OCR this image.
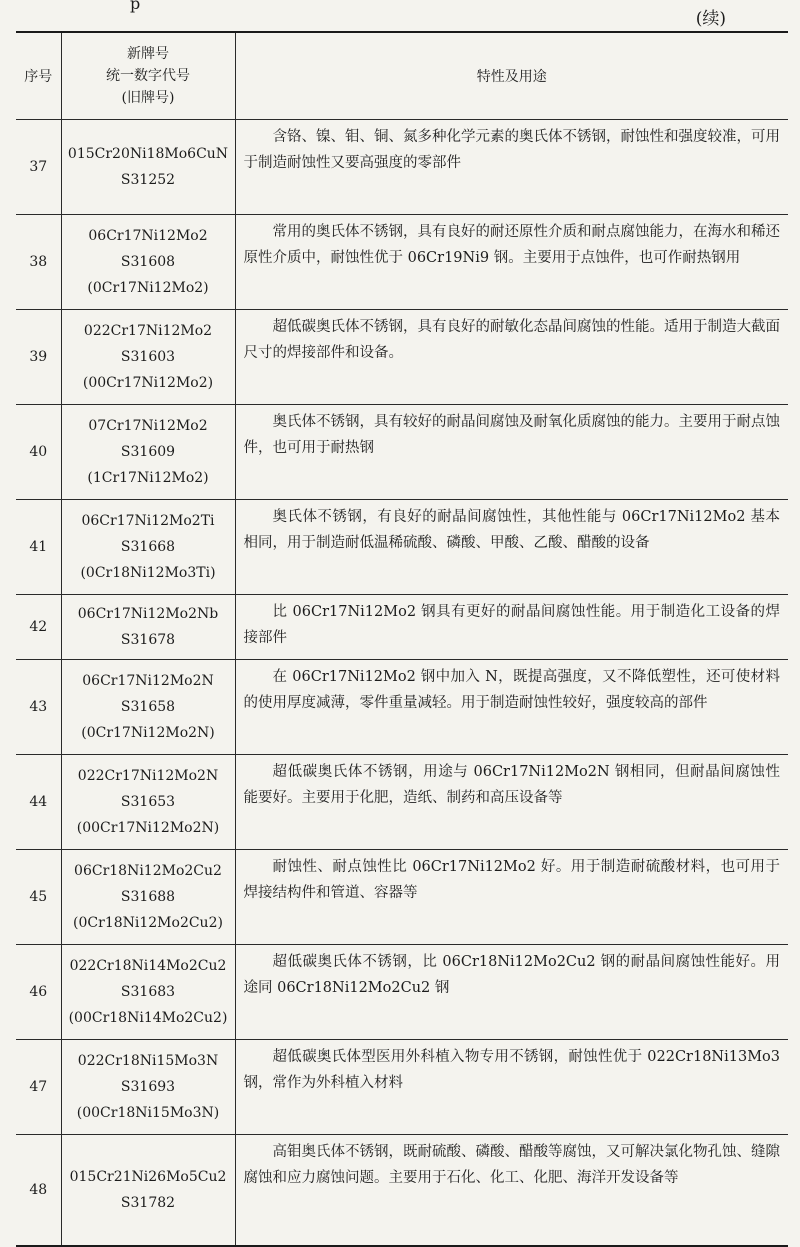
p
(续)
序号	新牌号
统一数字代号
(旧牌号)	特性及用途
37	015Cr20Ni18Mo6CuN
S31252	含铬、镍、钼、铜、氮多种化学元素的奥氏体不锈钢，耐蚀性和强度较准，可用于制造耐蚀性又要高强度的零部件
38	06Cr17Ni12Mo2
S31608
(0Cr17Ni12Mo2)	常用的奥氏体不锈钢，具有良好的耐还原性介质和耐点腐蚀能力，在海水和稀还原性介质中，耐蚀性优于 06Cr19Ni9 钢。主要用于点蚀件，也可作耐热钢用
39	022Cr17Ni12Mo2
S31603
(00Cr17Ni12Mo2)	超低碳奥氏体不锈钢，具有良好的耐敏化态晶间腐蚀的性能。适用于制造大截面尺寸的焊接部件和设备。
40	07Cr17Ni12Mo2
S31609
(1Cr17Ni12Mo2)	奥氏体不锈钢，具有较好的耐晶间腐蚀及耐氧化质腐蚀的能力。主要用于耐点蚀件，也可用于耐热钢
41	06Cr17Ni12Mo2Ti
S31668
(0Cr18Ni12Mo3Ti)	奥氏体不锈钢，有良好的耐晶间腐蚀性，其他性能与 06Cr17Ni12Mo2 基本相同，用于制造耐低温稀硫酸、磷酸、甲酸、乙酸、醋酸的设备
42	06Cr17Ni12Mo2Nb
S31678	比 06Cr17Ni12Mo2 钢具有更好的耐晶间腐蚀性能。用于制造化工设备的焊接部件
43	06Cr17Ni12Mo2N
S31658
(0Cr17Ni12Mo2N)	在 06Cr17Ni12Mo2 钢中加入 N，既提高强度，又不降低塑性，还可使材料的使用厚度减薄，零件重量减轻。用于制造耐蚀性较好，强度较高的部件
44	022Cr17Ni12Mo2N
S31653
(00Cr17Ni12Mo2N)	超低碳奥氏体不锈钢，用途与 06Cr17Ni12Mo2N 钢相同，但耐晶间腐蚀性能要好。主要用于化肥，造纸、制药和高压设备等
45	06Cr18Ni12Mo2Cu2
S31688
(0Cr18Ni12Mo2Cu2)	耐蚀性、耐点蚀性比 06Cr17Ni12Mo2 好。用于制造耐硫酸材料，也可用于焊接结构件和管道、容器等
46	022Cr18Ni14Mo2Cu2
S31683
(00Cr18Ni14Mo2Cu2)	超低碳奥氏体不锈钢，比 06Cr18Ni12Mo2Cu2 钢的耐晶间腐蚀性能好。用途同 06Cr18Ni12Mo2Cu2 钢
47	022Cr18Ni15Mo3N
S31693
(00Cr18Ni15Mo3N)	超低碳奥氏体型医用外科植入物专用不锈钢，耐蚀性优于 022Cr18Ni13Mo3 钢，常作为外科植入材料
48	015Cr21Ni26Mo5Cu2
S31782	高钼奥氏体不锈钢，既耐硫酸、磷酸、醋酸等腐蚀，又可解决氯化物孔蚀、缝隙腐蚀和应力腐蚀问题。主要用于石化、化工、化肥、海洋开发设备等
